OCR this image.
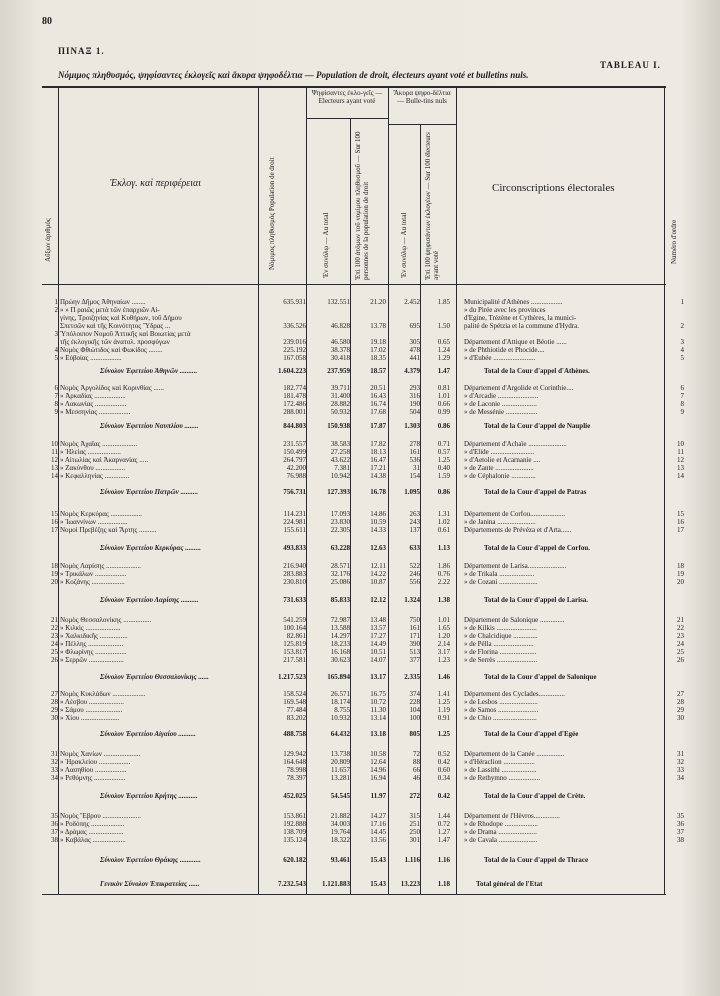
80
ΠΙΝΑΞ 1.
TABLEAU I.
Νόμιμος πληθυσμός, ψηφίσαντες έκλογεῖς καὶ ἄκυρα ψηφοδέλτια — Population de droit, électeurs ayant voté et bulletins nuls.
Αὔξων ἀριθμός
Ἐκλογ. καὶ περιφέρειαι	Νόμιμος πληθυσμός Population de droit
Ψηφίσαντες ἐκλο-γεῖς — Electeurs ayant voté
Ἐν συνόλῳ — Au total	Ἐπὶ 100 ἀτόμων τοῦ νομίμου πληθυσμοῦ — Sur 100 personnes de la population de droit
Ἄκυρα ψηφο-δέλτια — Bulle-tins nuls
Ἐν συνόλῳ — Au total Ἐπὶ 100 ψηφισάντων ἐκλογέων — Sur 100 électeurs ayant voté
Circonscriptions électorales
Numéro d'ordre
1 Πρώην Δῆμος Ἀθηναίων ........	635.931	132.551	21.20	2.452	1.85 Municipalité d'Athènes ..................	1
2 » » Π ραιῶς μετὰ τῶν ἐπαρχιῶν Αἰ-	» du Pirée avec les provinces
γίνης, Τροιζηνίας καὶ Κυθήρων, τοῦ Δήμου	d'Egine, Trézène et Cythères, la munici-
Σπετσῶν καὶ τῆς Κοινότητος Ὕδρας ...	336.526	46.828	13.78	695	1.50 palité de Spétzia et la commune d'Hydra.	2
3 Ὑπόλοιπον Νομοῦ Ἀττικῆς καὶ Βοιωτίας μετὰ
τῆς ἐκλογικῆς τῶν ἀνατολ. προσφύγων	239.016	46.580	19.18	305	0.65 Département d'Attique et Béotie ......	3
4 Νομὸς Φθιώτιδος καὶ Φωκίδος ........	225.192	38.378	17.02	478	1.24 » de Phthiotide et Phocide....	4
5 » Εὐβοίας ..................	167.058	30.418	18.35	441	1.29 » d'Eubée ........................	5
Σύνολον Ἐφετείου Ἀθηνῶν ..........	1.604.223	237.959	18.57	4.379	1.47	Total de la Cour d'appel d'Athènes.
6 Νομὸς Ἀργολίδος καὶ Κορινθίας ......	182.774	39.711	20.51	293	0.81 Département d'Argolide et Corinthie....	6
7 » Ἀρκαδίας ..................	181.478	31.400	16.43	316	1.01 » d'Arcadie .......................	7
8 » Λακωνίας ..................	172.486	28.882	16.74	190	0.66 » de Laconie ....................	8
9 » Μεσσηνίας ..................	288.001	50.932	17.68	504	0.99 » de Messénie ..................	9
Σύνολον Ἐφετείου Ναυπλίου ........	844.803	150.938	17.87	1.303	0.86	Total de la Cour d'appel de Nauplie
10 Νομὸς Ἀχαΐας ....................	231.557	38.583	17.82	278	0.71 Département d'Achaïe ......................	10
11 » Ἠλείας ...................	150.499	27.258	18.13	161	0.57 » d'Elide .........................	11
12 » Αἰτωλίας καὶ Ἀκαρνανίας .....	264.797	43.622	16.47	536	1.25 » d'Aetolie et Acarnanie ....	12
13 » Ζακύνθου .................	42.200	7.381	17.21	31	0.40 » de Zante ......................	13
14 » Κεφαλληνίας ..............	76.988	10.942	14.38	154	1.59 » de Céphalonie ..............	14
Σύνολον Ἐφετείου Πατρῶν ..........	756.731	127.393	16.78	1.095	0.86	Total de la Cour d'appel de Patras
15 Νομὸς Κερκύρας ..................	114.231	17.093	14.86	263	1.31 Département de Corfou....................	15
16 » Ἰωαννίνων .................	224.981	23.830	10.59	243	1.02 » de Janina ......................	16
17 Νομοὶ Πρεβέζης καὶ Ἄρτης ..........	155.611	22.305	14.33	137	0.61 Départements de Prévéza et d'Arta......	17
Σύνολον Ἐφετείου Κερκύρας .........	493.833	63.228	12.63	633	1.13	Total de la Cour d'appel de Corfou.
18 Νομὸς Λαρίσης ....................	216.940	28.571	12.11	522	1.86 Département de Larisa......................	18
19 » Τρικάλων ..................	283.883	32.176	14.22	246	0.76 » de Trikala ....................	19
20 » Κοζάνης ...................	230.810	25.086	10.87	556	2.22 » de Cozani ......................	20
Σύνολον Ἐφετείου Λαρίσης ..........	731.633	85.833	12.12	1.324	1.38	Total de la Cour d'appel de Larisa.
21 Νομὸς Θεσσαλονίκης ................	541.259	72.987	13.48	750	1.01 Département de Salonique ..............	21
22 » Κιλκὶς ....................	100.164	13.588	13.57	161	1.65 » de Kilkis .......................	22
23 » Χαλκιδικῆς ................	82.861	14.297	17.27	171	1.20 » de Chalcidique ..............	23
24 » Πέλλης ....................	125.819	18.233	14.49	390	2.14 » de Pélla .......................	24
25 » Φλωρίνης ..................	153.817	16.168	10.51	513	3.17 » de Florina .....................	25
26 » Σερρῶν ....................	217.581	30.623	14.07	377	1.23 » de Serrès .......................	26
Σύνολον Ἐφετείου Θεσσαλονίκης ......	1.217.523	165.894	13.17	2.335	1.46	Total de la Cour d'appel de Salonique
27 Νομὸς Κυκλάδων ...................	158.524	26.571	16.75	374	1.41 Département des Cyclades...............	27
28 » Λέσβου ....................	169.548	18.174	10.72	228	1.25 » de Lesbos ......................	28
29 » Σάμου .....................	77.484	8.755	11.30	104	1.19 » de Samos .......................	29
30 » Χίου ......................	83.202	10.932	13.14	100	0.91 » de Chio .........................	30
Σύνολον Ἐφετείου Αἰγαίου ..........	488.758	64.432	13.18	805	1.25	Total de la Cour d'appel d'Egée
31 Νομὸς Χανίων .....................	129.942	13.738	10.58	72	0.52 Département de la Canée ................	31
32 » Ἡρακλείου ..................	164.648	20.809	12.64	88	0.42 » d'Héraclion ..................	32
33 » Λασηθίου ..................	78.998	11.657	14.96	66	0.60 » de Lassithi ....................	33
34 » Ρεθύμνης ..................	78.397	13.281	16.94	46	0.34 » de Rethymno ..................	34
Σύνολον Ἐφετείου Κρήτης ...........	452.025	54.545	11.97	272	0.42	Total de la Cour d'appel de Crète.
35 Νομὸς Ἕβρου ......................	153.861	21.882	14.27	315	1.44 Département de l'Hèvros...............	35
36 » Ροδόπης ...................	192.888	34.003	17.16	251	0.72 » de Rhodope ...................	36
37 » Δράμας ....................	138.709	19.764	14.45	250	1.27 » de Drama ......................	37
38 » Καβάλας ...................	135.124	18.322	13.56	301	1.47 » de Cavala ......................	38
Σύνολον Ἐφετείου Θράκης ............	620.182	93.461	15.43	1.116	1.16	Total de la Cour d'appel de Thrace
Γενικὸν Σύνολον Ἐπικρατείας ......	7.232.543	1.121.883	15.43	13.223	1.18	Total général de l'Etat
